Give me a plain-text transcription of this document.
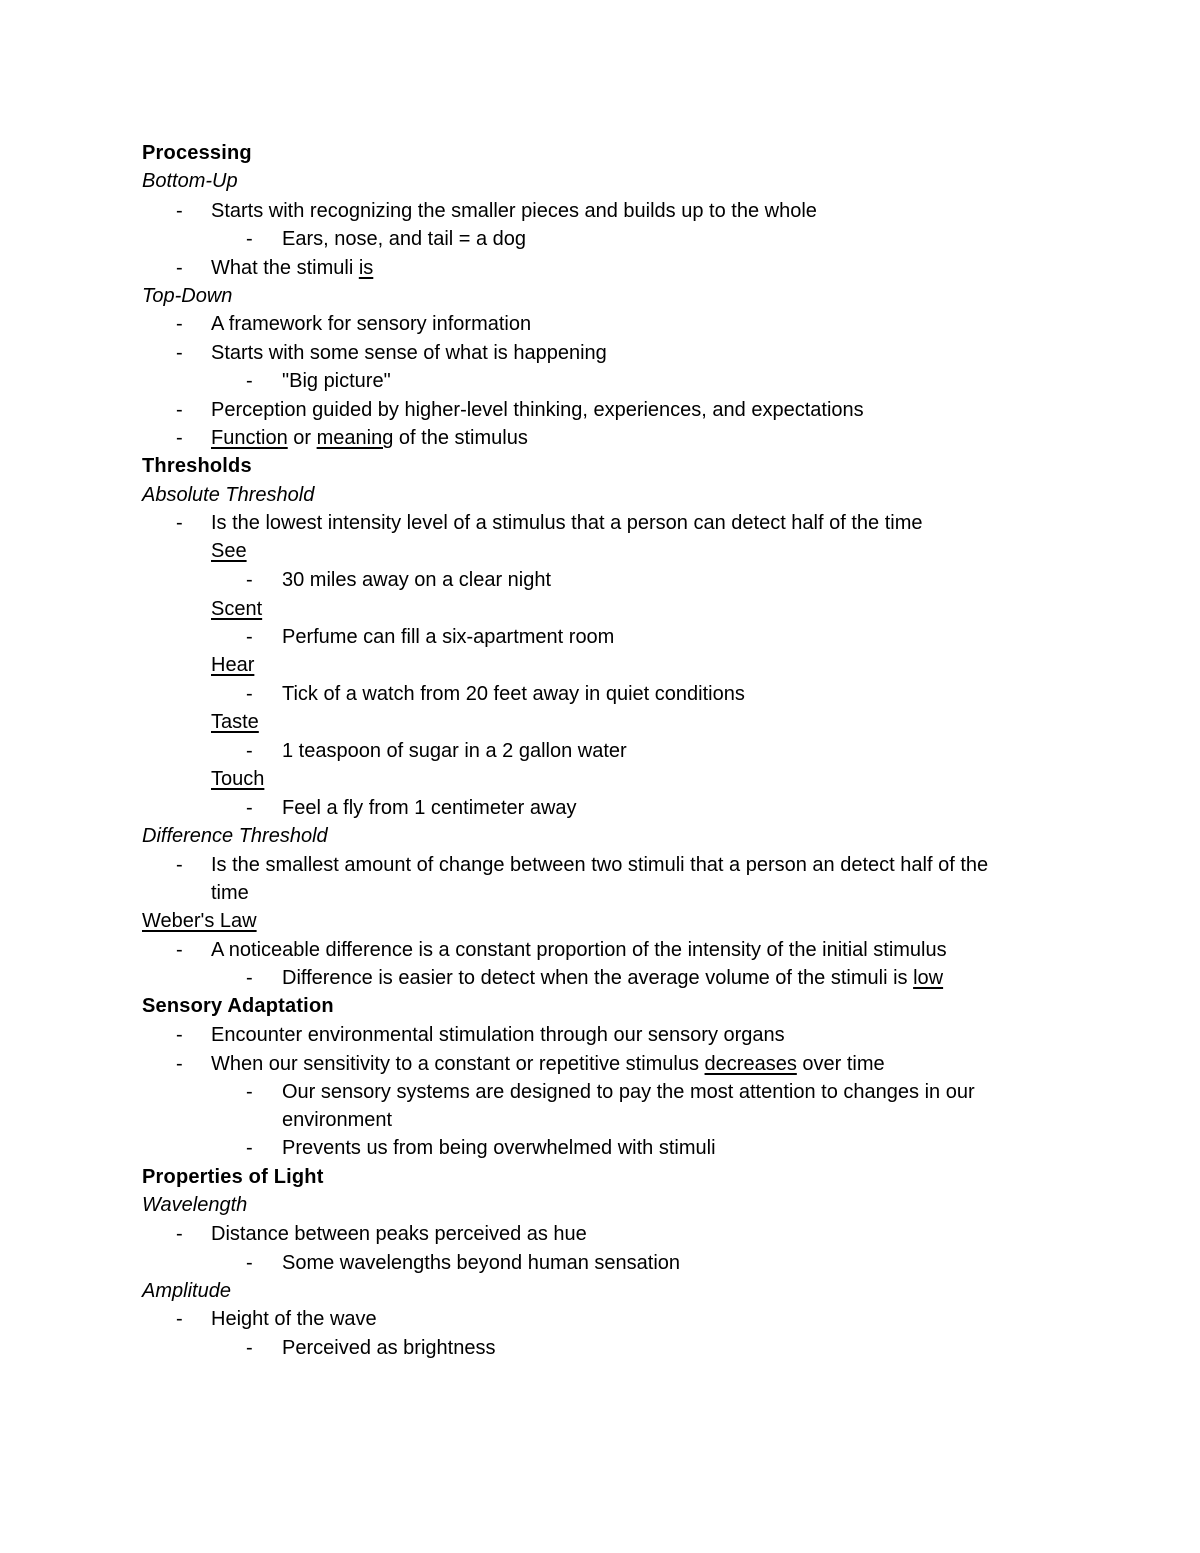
Processing

Bottom-Up

- Starts with recognizing the smaller pieces and builds up to the whole

- Ears, nose, and tail = a dog

- What the stimuli is

Top-Down

- A framework for sensory information

- Starts with some sense of what is happening

- "Big picture"

- Perception guided by higher-level thinking, experiences, and expectations

- Function or meaning of the stimulus

Thresholds

Absolute Threshold

- Is the lowest intensity level of a stimulus that a person can detect half of the time

See

- 30 miles away on a clear night

Scent

- Perfume can fill a six-apartment room

Hear

- Tick of a watch from 20 feet away in quiet conditions

Taste

- 1 teaspoon of sugar in a 2 gallon water

Touch

- Feel a fly from 1 centimeter away

Difference Threshold

- Is the smallest amount of change between two stimuli that a person an detect half of the

time

Weber's Law

- A noticeable difference is a constant proportion of the intensity of the initial stimulus

- Difference is easier to detect when the average volume of the stimuli is low

Sensory Adaptation

- Encounter environmental stimulation through our sensory organs

- When our sensitivity to a constant or repetitive stimulus decreases over time

- Our sensory systems are designed to pay the most attention to changes in our

environment

- Prevents us from being overwhelmed with stimuli

Properties of Light

Wavelength

- Distance between peaks perceived as hue

- Some wavelengths beyond human sensation

Amplitude

- Height of the wave

- Perceived as brightness
